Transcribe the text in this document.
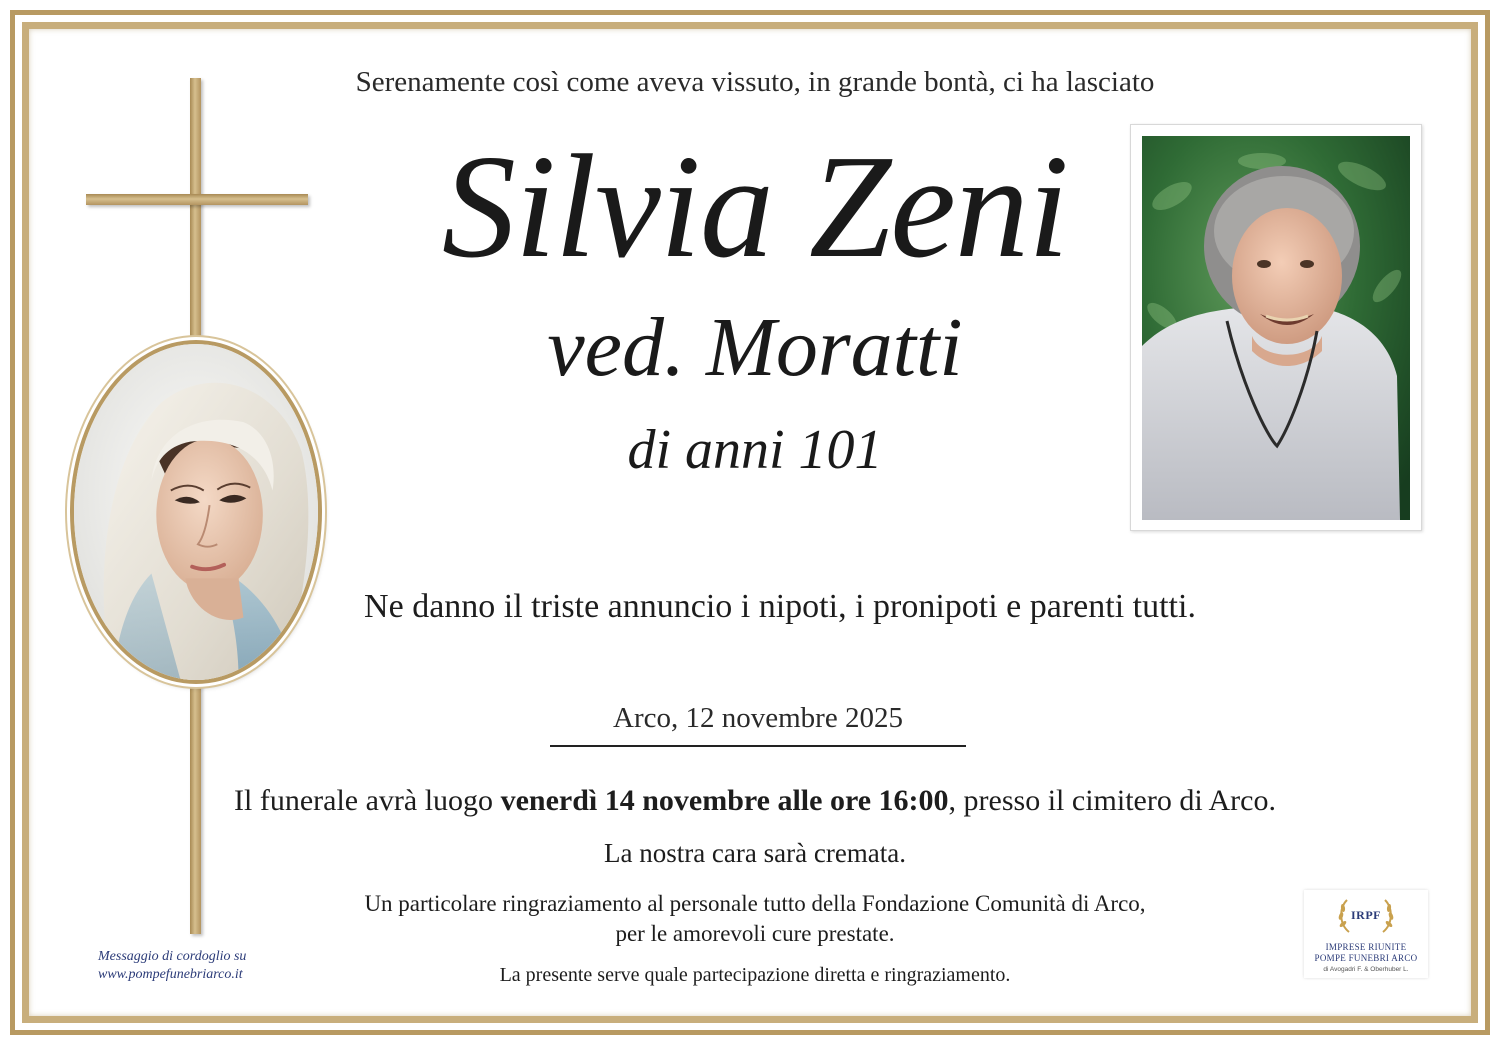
Serenamente così come aveva vissuto, in grande bontà, ci ha lasciato
Silvia Zeni
ved. Moratti
di anni 101
Ne danno il triste annuncio i nipoti, i pronipoti e parenti tutti.
Arco, 12 novembre 2025
Il funerale avrà luogo venerdì 14 novembre alle ore 16:00, presso il cimitero di Arco.
La nostra cara sarà cremata.
Un particolare ringraziamento al personale tutto della Fondazione Comunità di Arco,
per le amorevoli cure prestate.
La presente serve quale partecipazione diretta e ringraziamento.
Messaggio di cordoglio su
www.pompefunebriarco.it
IRPF
IMPRESE RIUNITE
POMPE FUNEBRI ARCO
di Avogadri F. & Oberhuber L.
